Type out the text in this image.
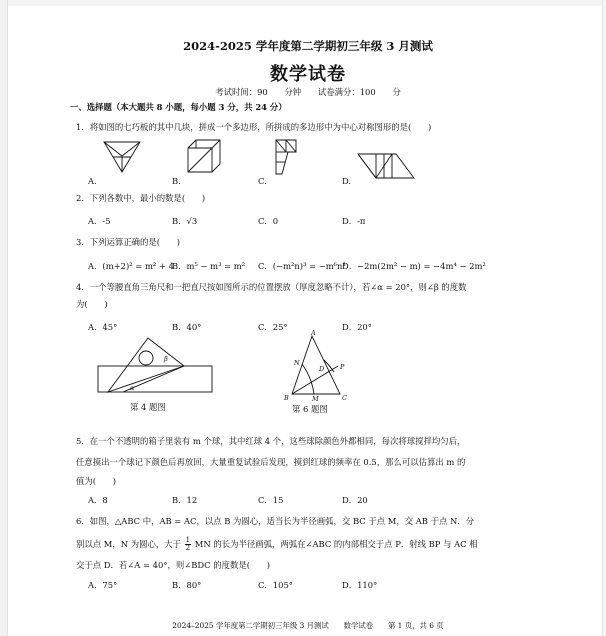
2024-2025 学年度第二学期初三年级 3 月测试
数学试卷
考试时间：90 分钟 试卷满分：100 分
一、选择题（本大题共 8 小题，每小题 3 分，共 24 分）
1．将如图的七巧板的其中几块，拼成一个多边形，所拼成的多边形中为中心对称图形的是(　　)
A.	B.	C.	D.
2．下列各数中，最小的数是(　　)
A．-5	B．√3	C．0	D．-π
3．下列运算正确的是(　　)
A．(m+2)² = m² + 4
B．m⁵ − m³ = m² C．(−m²n)³ = −m⁶n³
D．−2m(2m² − m) = −4m⁴ − 2m²
4．一个等腰直角三角尺和一把直尺按如图所示的位置摆放（厚度忽略不计），若∠α = 20°，则∠β 的度数
为(　　)
A．45°	B．40°	C．25°	D．20°
α
β
第 4 题图
A
N
D P
B	M	C
第 6 题图
5．在一个不透明的箱子里装有 m 个球，其中红球 4 个，这些球除颜色外都相同，每次将球搅拌均匀后，
任意摸出一个球记下颜色后再放回，大量重复试验后发现，摸到红球的频率在 0.5，那么可以估算出 m 的
值为(　　)
A．8	B．12	C．15	D．20
6．如图，△ABC 中，AB = AC，以点 B 为圆心，适当长为半径画弧，交 BC 于点 M，交 AB 于点 N．分
别以点 M，N 为圆心，大于 $\frac{1}{2}$ MN 的长为半径画弧，两弧在∠ABC 的内部相交于点 P．射线 BP 与 AC 相
交于点 D．若∠A = 40°，则∠BDC 的度数是(　　)
A．75°	B．80°	C．105°	D．110°
2024–2025 学年度第二学期初三年级 3 月测试　　数学试卷　　第 1 页，共 6 页
